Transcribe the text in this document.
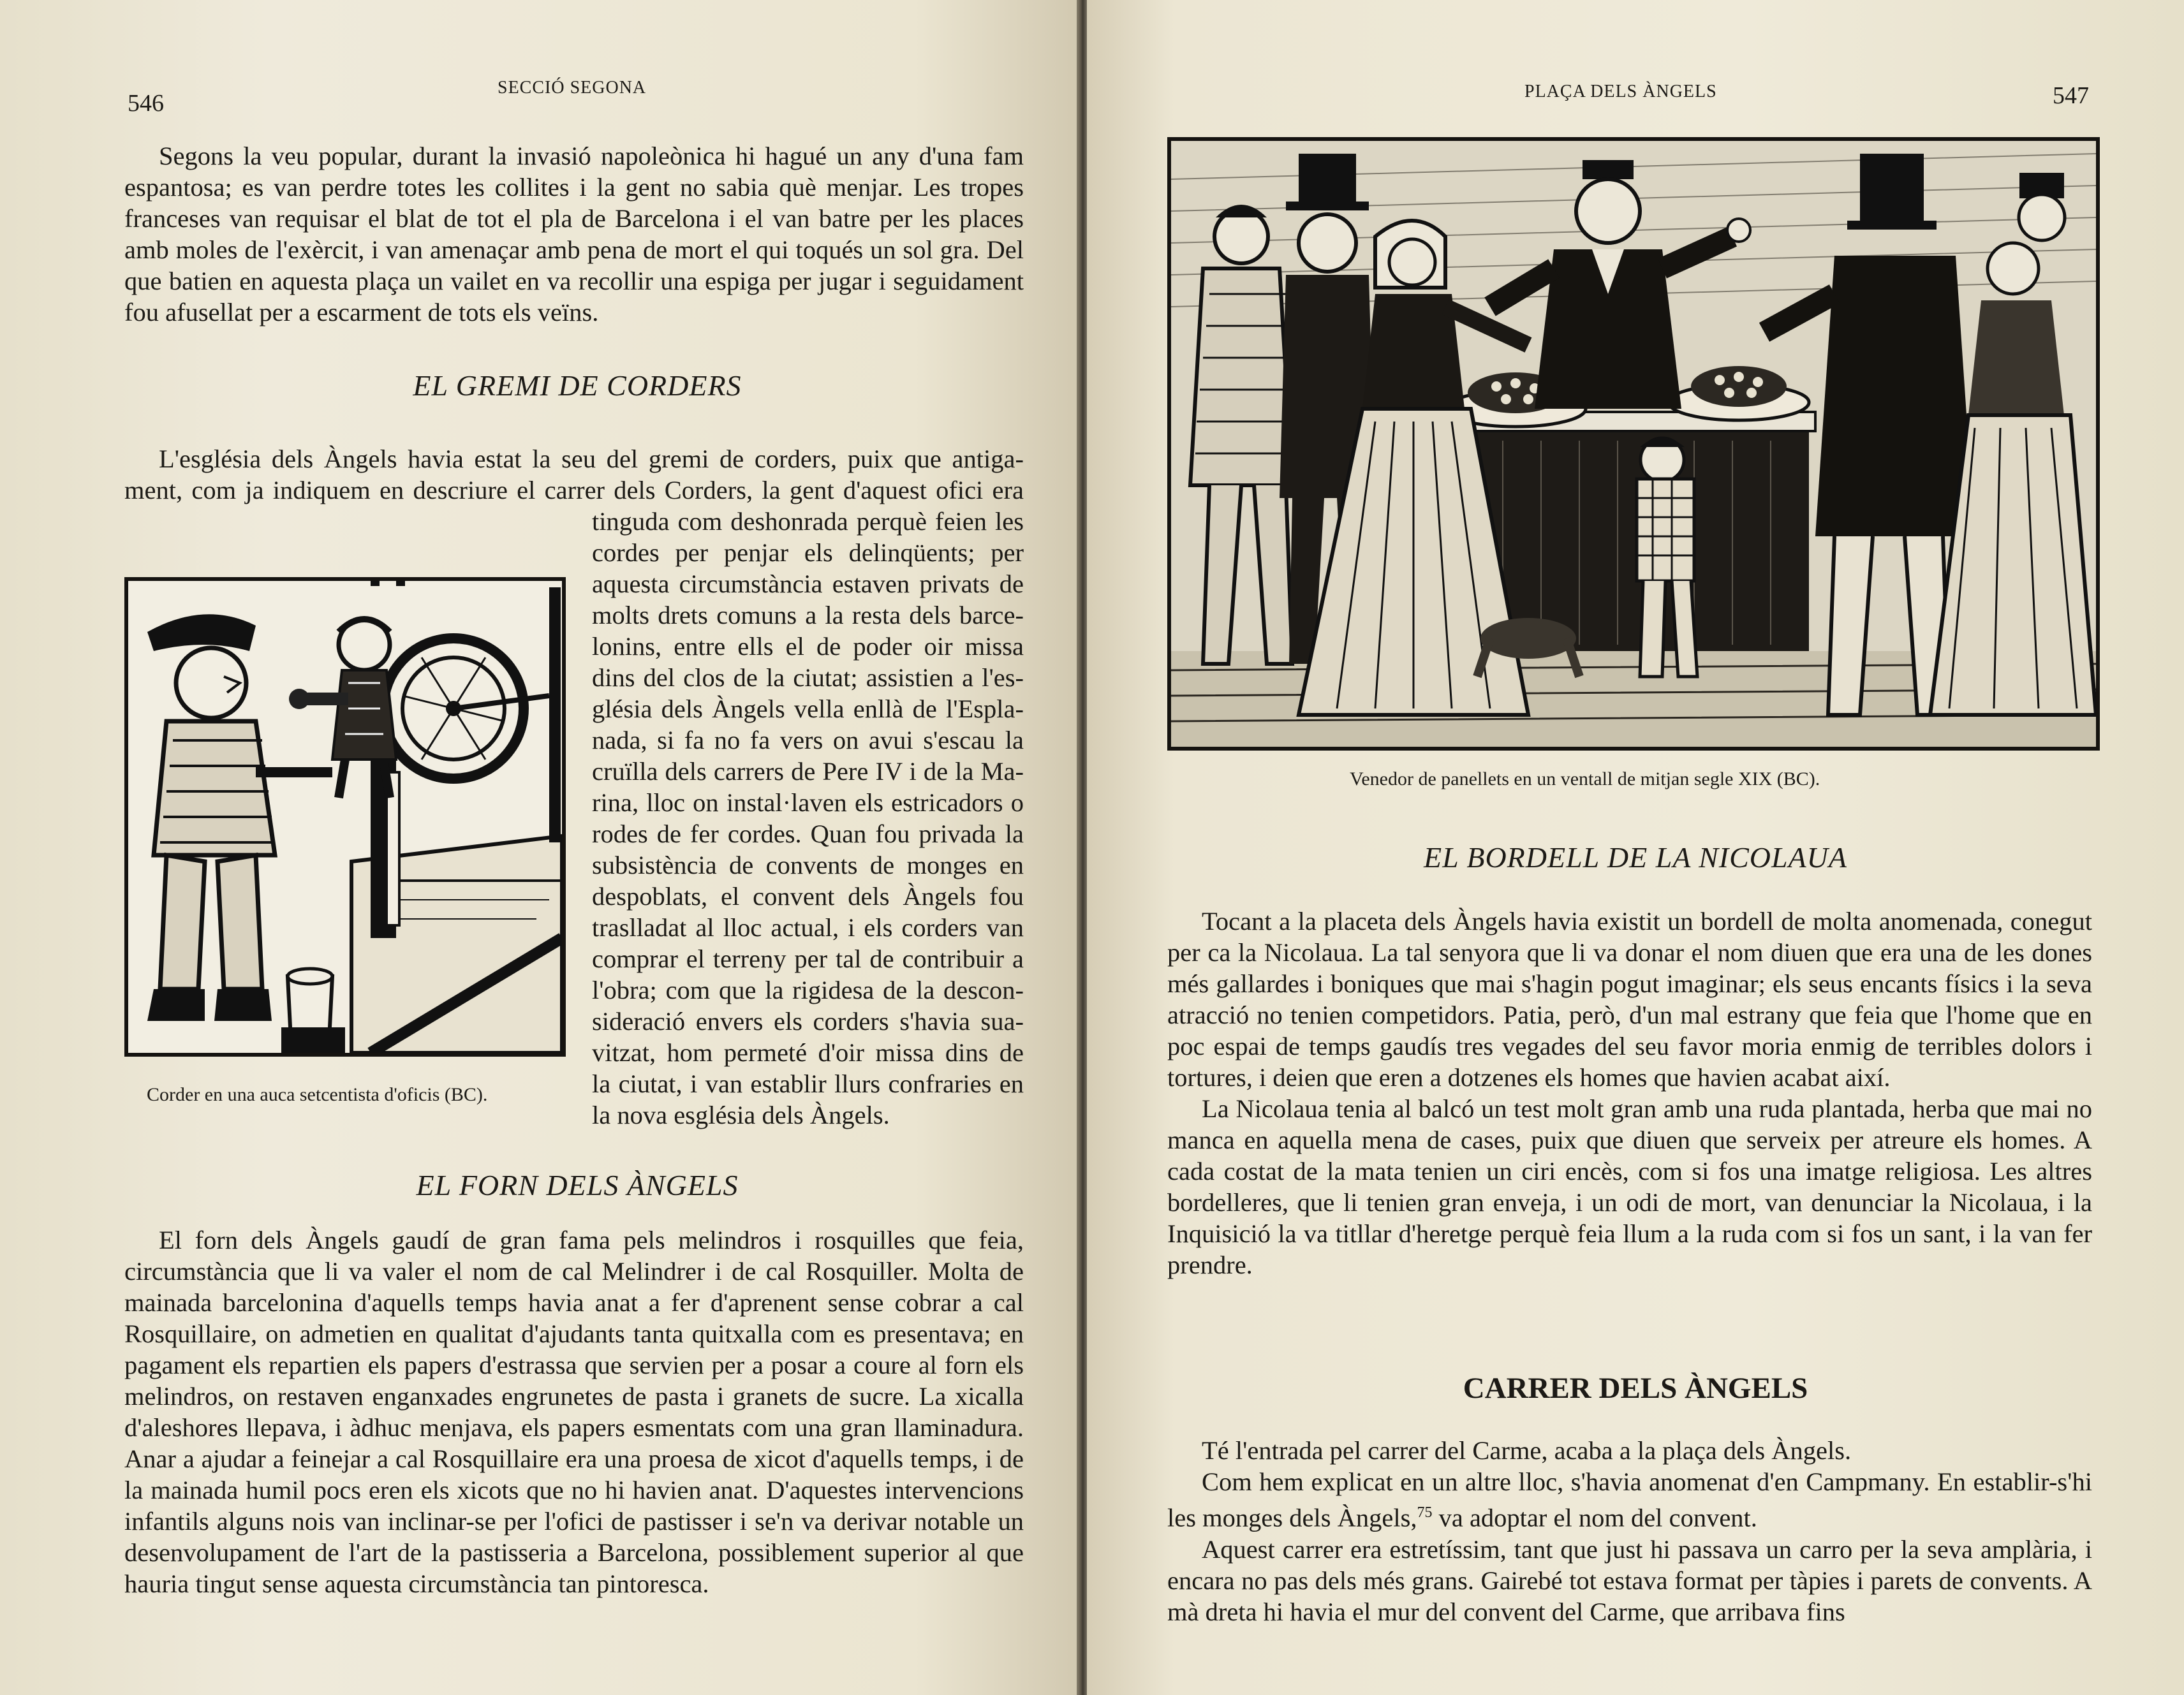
546
SECCIÓ SEGONA

Segons la veu popular, durant la invasió napoleònica hi hagué un any d'una fam espantosa; es van perdre totes les collites i la gent no sabia què menjar. Les tropes franceses van requisar el blat de tot el pla de Barcelona i el van batre per les places amb moles de l'exèrcit, i van amenaçar amb pena de mort el qui toqués un sol gra. Del que batien en aquesta plaça un vailet en va recollir una espiga per jugar i seguidament fou afusellat per a escarment de tots els veïns.

EL GREMI DE CORDERS
L'església dels Àngels havia estat la seu del gremi de corders, puix que antiga-
ment, com ja indiquem en descriure el carrer dels Corders, la gent d'aquest ofici era
tinguda com deshonrada perquè feien les
cordes per penjar els delinqüents; per
aquesta circumstància estaven privats de
molts drets comuns a la resta dels barce-
lonins, entre ells el de poder oir missa
dins del clos de la ciutat; assistien a l'es-
glésia dels Àngels vella enllà de l'Espla-
nada, si fa no fa vers on avui s'escau la
cruïlla dels carrers de Pere IV i de la Ma-
rina, lloc on instal·laven els estricadors o
rodes de fer cordes. Quan fou privada la
subsistència de convents de monges en
despoblats, el convent dels Àngels fou
traslladat al lloc actual, i els corders van
comprar el terreny per tal de contribuir a
l'obra; com que la rigidesa de la descon-
sideració envers els corders s'havia sua-
vitzat, hom permeté d'oir missa dins de
la ciutat, i van establir llurs confraries en
la nova església dels Àngels.
Corder en una auca setcentista d'oficis (BC).
EL FORN DELS ÀNGELS

El forn dels Àngels gaudí de gran fama pels melindros i rosquilles que feia, circumstància que li va valer el nom de cal Melindrer i de cal Rosquiller. Molta de mainada barcelonina d'aquells temps havia anat a fer d'aprenent sense cobrar a cal Rosquillaire, on admetien en qualitat d'ajudants tanta quitxalla com es presentava; en pagament els repartien els papers d'estrassa que servien per a posar a coure al forn els melindros, on restaven enganxades engrunetes de pasta i granets de sucre. La xicalla d'aleshores llepava, i àdhuc menjava, els papers esmentats com una gran llaminadura. Anar a ajudar a feinejar a cal Rosquillaire era una proesa de xicot d'aquells temps, i de la mainada humil pocs eren els xicots que no hi havien anat. D'aquestes intervencions infantils alguns nois van inclinar-se per l'ofici de pastisser i se'n va derivar notable un desenvolupament de l'art de la pastisseria a Barcelona, possiblement superior al que hauria tingut sense aquesta circumstància tan pintoresca.

PLAÇA DELS ÀNGELS	547
Venedor de panellets en un ventall de mitjan segle XIX (BC).
EL BORDELL DE LA NICOLAUA

Tocant a la placeta dels Àngels havia existit un bordell de molta anomenada, conegut per ca la Nicolaua. La tal senyora que li va donar el nom diuen que era una de les dones més gallardes i boniques que mai s'hagin pogut imaginar; els seus encants físics i la seva atracció no tenien competidors. Patia, però, d'un mal estrany que feia que l'home que en poc espai de temps gaudís tres vegades del seu favor moria enmig de terribles dolors i tortures, i deien que eren a dotzenes els homes que havien acabat així.

La Nicolaua tenia al balcó un test molt gran amb una ruda plantada, herba que mai no manca en aquella mena de cases, puix que diuen que serveix per atreure els homes. A cada costat de la mata tenien un ciri encès, com si fos una imatge religiosa. Les altres bordelleres, que li tenien gran enveja, i un odi de mort, van denunciar la Nicolaua, i la Inquisició la va titllar d'heretge perquè feia llum a la ruda com si fos un sant, i la van fer prendre.

CARRER DELS ÀNGELS

Té l'entrada pel carrer del Carme, acaba a la plaça dels Àngels.

Com hem explicat en un altre lloc, s'havia anomenat d'en Campmany. En establir-s'hi les monges dels Àngels,$^{75}$ va adoptar el nom del convent.

Aquest carrer era estretíssim, tant que just hi passava un carro per la seva amplària, i encara no pas dels més grans. Gairebé tot estava format per tàpies i parets de convents. A mà dreta hi havia el mur del convent del Carme, que arribava fins
